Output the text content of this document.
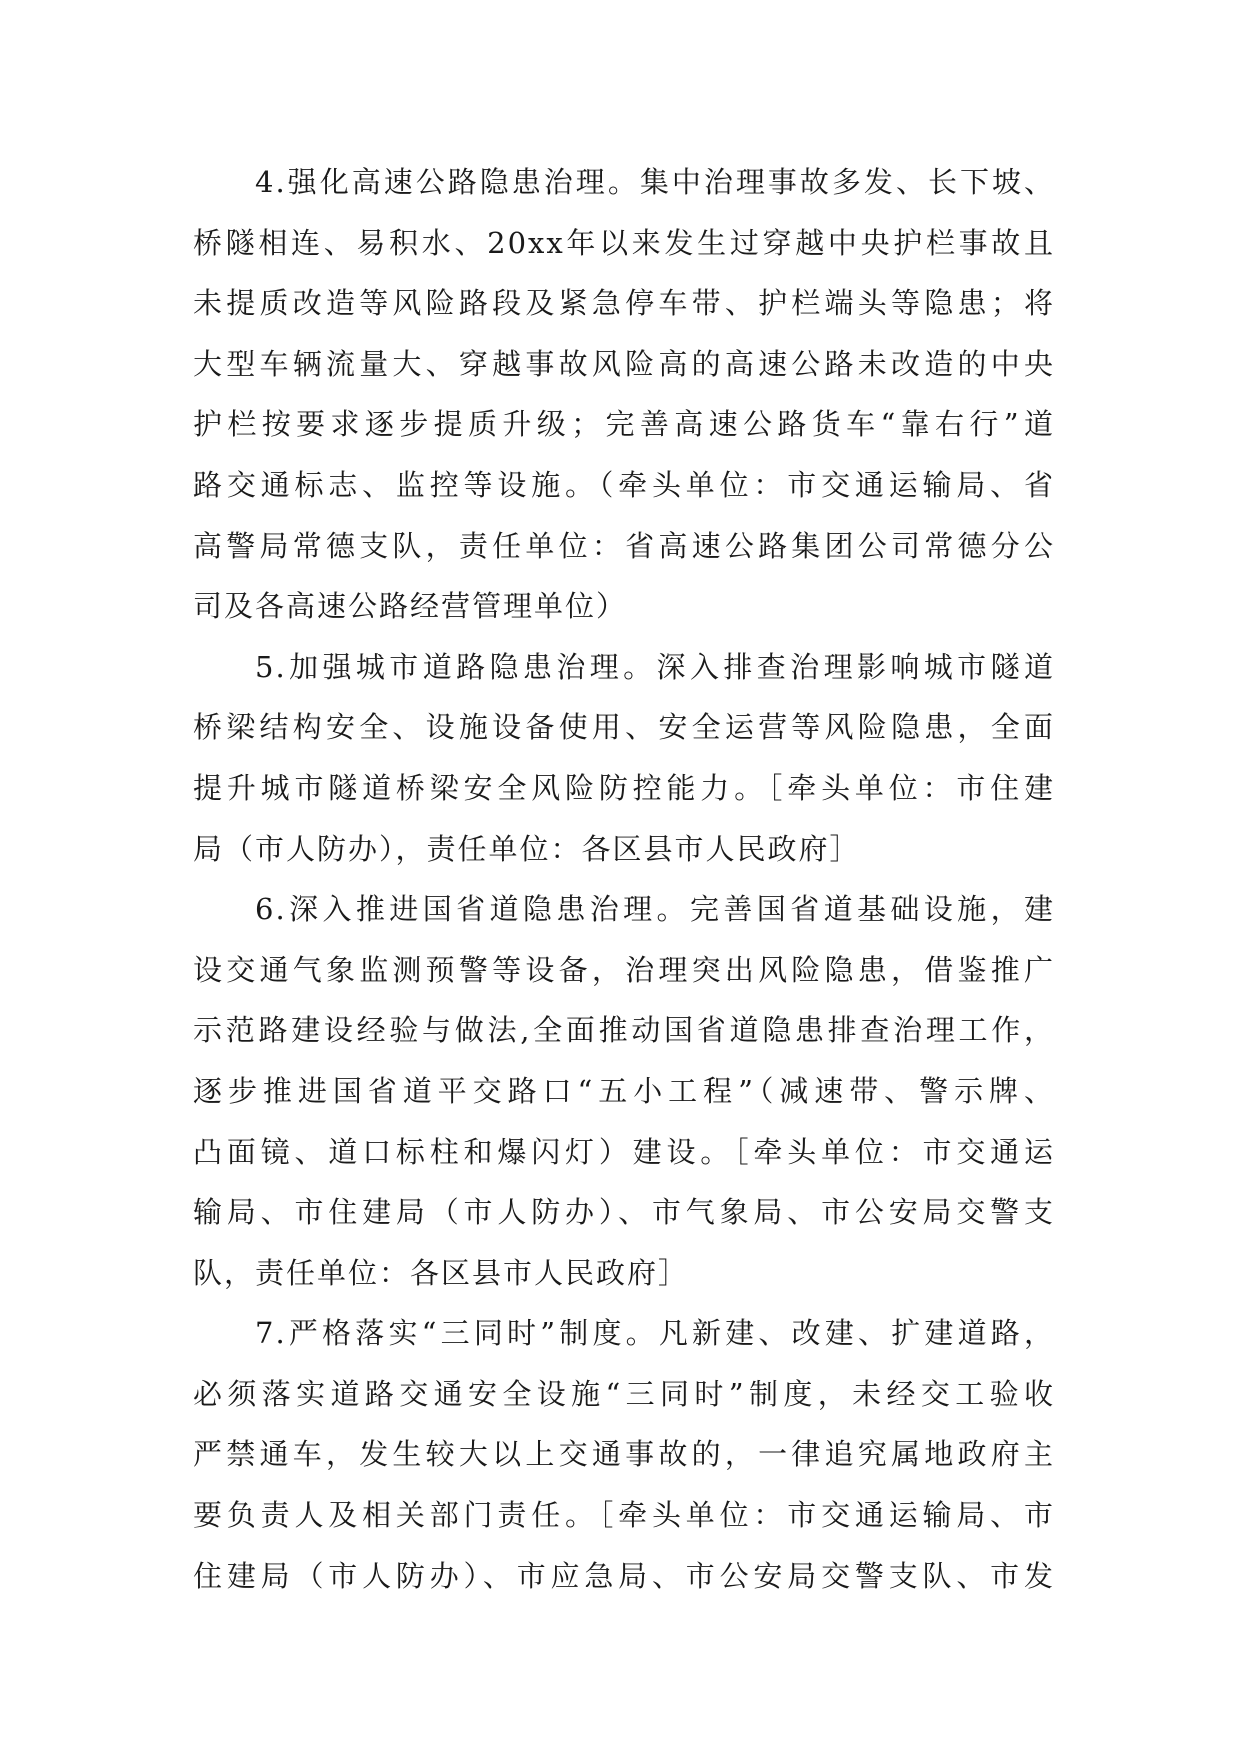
4.强化高速公路隐患治理。集中治理事故多发、长下坡、
桥隧相连、易积水、20xx年以来发生过穿越中央护栏事故且
未提质改造等风险路段及紧急停车带、护栏端头等隐患；将
大型车辆流量大、穿越事故风险高的高速公路未改造的中央
护栏按要求逐步提质升级；完善高速公路货车“靠右行”道
路交通标志、监控等设施。（牵头单位：市交通运输局、省
高警局常德支队，责任单位：省高速公路集团公司常德分公
司及各高速公路经营管理单位）
5.加强城市道路隐患治理。深入排查治理影响城市隧道
桥梁结构安全、设施设备使用、安全运营等风险隐患，全面
提升城市隧道桥梁安全风险防控能力。［牵头单位：市住建
局（市人防办），责任单位：各区县市人民政府］
6.深入推进国省道隐患治理。完善国省道基础设施，建
设交通气象监测预警等设备，治理突出风险隐患，借鉴推广
示范路建设经验与做法,全面推动国省道隐患排查治理工作，
逐步推进国省道平交路口“五小工程”（减速带、警示牌、
凸面镜、道口标柱和爆闪灯）建设。［牵头单位：市交通运
输局、市住建局（市人防办）、市气象局、市公安局交警支
队，责任单位：各区县市人民政府］
7.严格落实“三同时”制度。凡新建、改建、扩建道路，
必须落实道路交通安全设施“三同时”制度，未经交工验收
严禁通车，发生较大以上交通事故的，一律追究属地政府主
要负责人及相关部门责任。［牵头单位：市交通运输局、市
住建局（市人防办）、市应急局、市公安局交警支队、市发
